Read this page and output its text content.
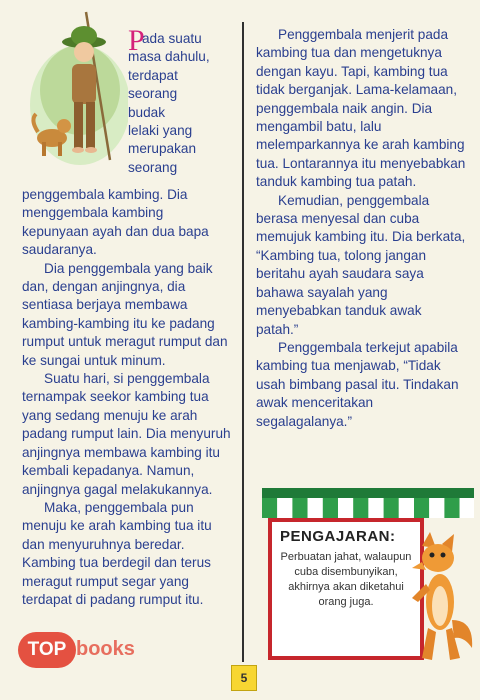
P
ada suatu
masa dahulu,
terdapat
seorang
budak
lelaki yang
merupakan
seorang

penggembala kambing. Dia menggembala kambing kepunyaan ayah dan dua bapa saudaranya.

Dia penggembala yang baik dan, dengan anjingnya, dia sentiasa berjaya membawa kambing-kambing itu ke padang rumput untuk meragut rumput dan ke sungai untuk minum.

Suatu hari, si penggembala ternampak seekor kambing tua yang sedang menuju ke arah padang rumput lain. Dia menyuruh anjingnya membawa kambing itu kembali kepadanya. Namun, anjingnya gagal melakukannya.

Maka, penggembala pun menuju ke arah kambing tua itu dan menyuruhnya beredar. Kambing tua berdegil dan terus meragut rumput segar yang terdapat di padang rumput itu.

Penggembala menjerit pada kambing tua dan mengetuknya dengan kayu. Tapi, kambing tua tidak berganjak. Lama-kelamaan, penggembala naik angin. Dia mengambil batu, lalu melemparkannya ke arah kambing tua. Lontarannya itu menyebabkan tanduk kambing tua patah.

Kemudian, penggembala berasa menyesal dan cuba memujuk kambing itu. Dia berkata, “Kambing tua, tolong jangan beritahu ayah saudara saya bahawa sayalah yang menyebabkan tanduk awak patah.”

Penggembala terkejut apabila kambing tua menjawab, “Tidak usah bimbang pasal itu. Tindakan awak menceritakan segalagalanya.”

PENGAJARAN:
Perbuatan jahat, walaupun cuba disembunyikan, akhirnya akan diketahui orang juga.
TOP books
5
